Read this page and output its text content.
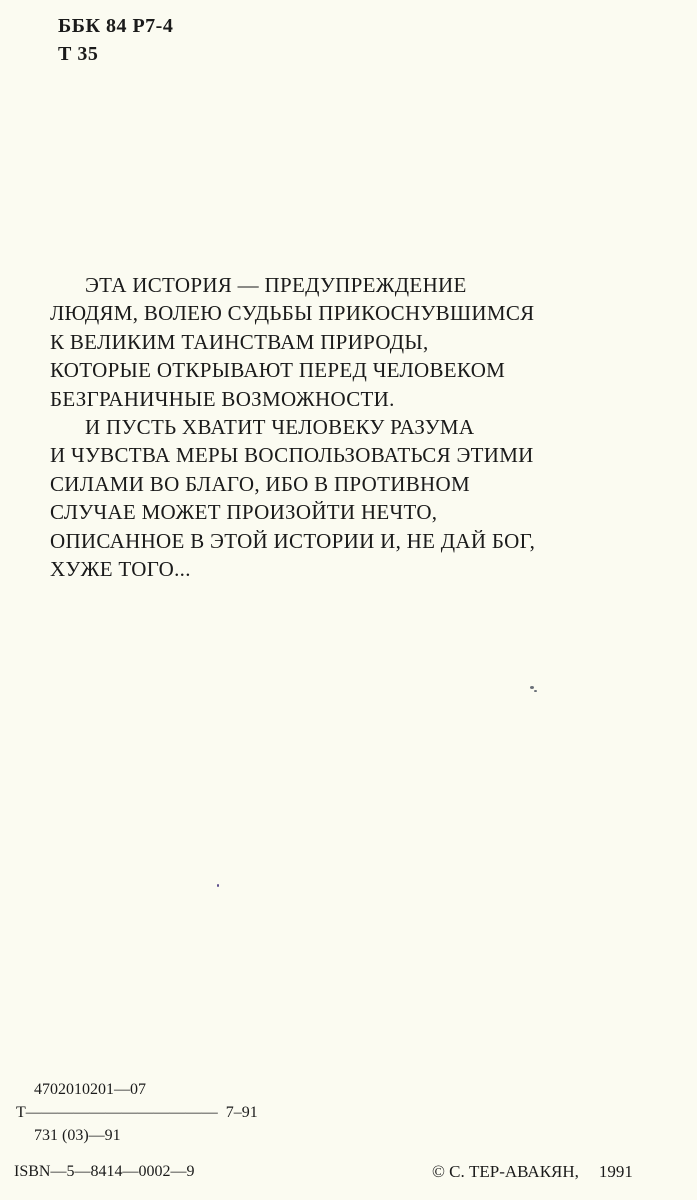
ББК 84 Р7-4
Т 35
ЭТА ИСТОРИЯ — ПРЕДУПРЕЖДЕНИЕ
ЛЮДЯМ, ВОЛЕЮ СУДЬБЫ ПРИКОСНУВШИМСЯ
К ВЕЛИКИМ ТАИНСТВАМ ПРИРОДЫ,
КОТОРЫЕ ОТКРЫВАЮТ ПЕРЕД ЧЕЛОВЕКОМ
БЕЗГРАНИЧНЫЕ ВОЗМОЖНОСТИ.
И ПУСТЬ ХВАТИТ ЧЕЛОВЕКУ РАЗУМА
И ЧУВСТВА МЕРЫ ВОСПОЛЬЗОВАТЬСЯ ЭТИМИ
СИЛАМИ ВО БЛАГО, ИБО В ПРОТИВНОМ
СЛУЧАЕ МОЖЕТ ПРОИЗОЙТИ НЕЧТО,
ОПИСАННОЕ В ЭТОЙ ИСТОРИИ И, НЕ ДАЙ БОГ,
ХУЖЕ ТОГО...
4702010201—07
Т ———————————— 7–91
731 (03)—91
ISBN—5—8414—0002—9	© С. ТЕР-АВАКЯН, 1991
